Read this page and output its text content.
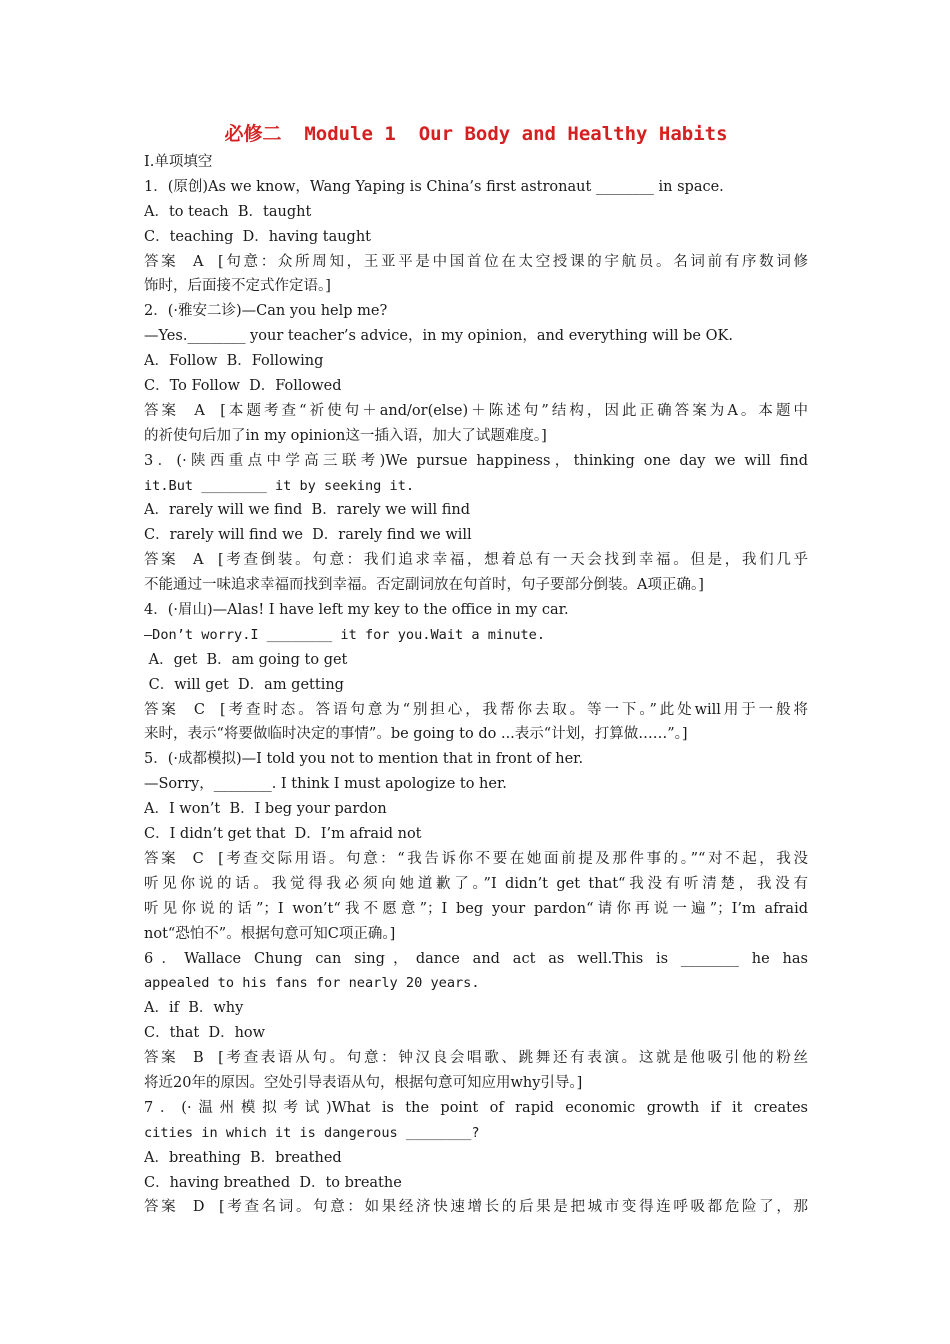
必修二  Module 1  Our Body and Healthy Habits
I.单项填空
1．(原创)As we know，Wang Yaping is China’s first astronaut ________ in space.
A．to teach  B．taught
C．teaching  D．having taught
答案  A  [句意：众所周知，王亚平是中国首位在太空授课的宇航员。名词前有序数词修
饰时，后面接不定式作定语。]
2．(·雅安二诊)—Can you help me?
—Yes.________ your teacher’s advice，in my opinion，and everything will be OK.
A．Follow  B．Following
C．To Follow  D．Followed
答案  A  [本题考查“祈使句＋and/or(else)＋陈述句”结构，因此正确答案为A。本题中
的祈使句后加了in my opinion这一插入语，加大了试题难度。]
3．(·陕西重点中学高三联考)We pursue happiness，thinking one day we will find
it.But ________ it by seeking it.
A．rarely will we find  B．rarely we will find
C．rarely will find we  D．rarely find we will
答案  A  [考查倒装。句意：我们追求幸福，想着总有一天会找到幸福。但是，我们几乎
不能通过一味追求幸福而找到幸福。否定副词放在句首时，句子要部分倒装。A项正确。]
4．(·眉山)—Alas! I have left my key to the office in my car.
—Don’t worry.I ________ it for you.Wait a minute.
A．get  B．am going to get
C．will get  D．am getting
答案  C  [考查时态。答语句意为“别担心，我帮你去取。等一下。”此处will用于一般将
来时，表示“将要做临时决定的事情”。be going to do ...表示“计划，打算做……”。]
5．(·成都模拟)—I told you not to mention that in front of her.
—Sorry，________. I think I must apologize to her.
A．I won’t  B．I beg your pardon
C．I didn’t get that  D．I’m afraid not
答案  C  [考查交际用语。句意：“我告诉你不要在她面前提及那件事的。”“对不起，我没
听见你说的话。我觉得我必须向她道歉了。”I didn’t get that“我没有听清楚，我没有
听见你说的话”；I won’t“我不愿意”；I beg your pardon“请你再说一遍”；I’m afraid
not“恐怕不”。根据句意可知C项正确。]
6．Wallace Chung can sing，dance and act as well.This is ________ he has
appealed to his fans for nearly 20 years.
A．if  B．why
C．that  D．how
答案  B  [考查表语从句。句意：钟汉良会唱歌、跳舞还有表演。这就是他吸引他的粉丝
将近20年的原因。空处引导表语从句，根据句意可知应用why引导。]
7．(·温州模拟考试)What is the point of rapid economic growth if it creates
cities in which it is dangerous ________?
A．breathing  B．breathed
C．having breathed  D．to breathe
答案  D  [考查名词。句意：如果经济快速增长的后果是把城市变得连呼吸都危险了，那
